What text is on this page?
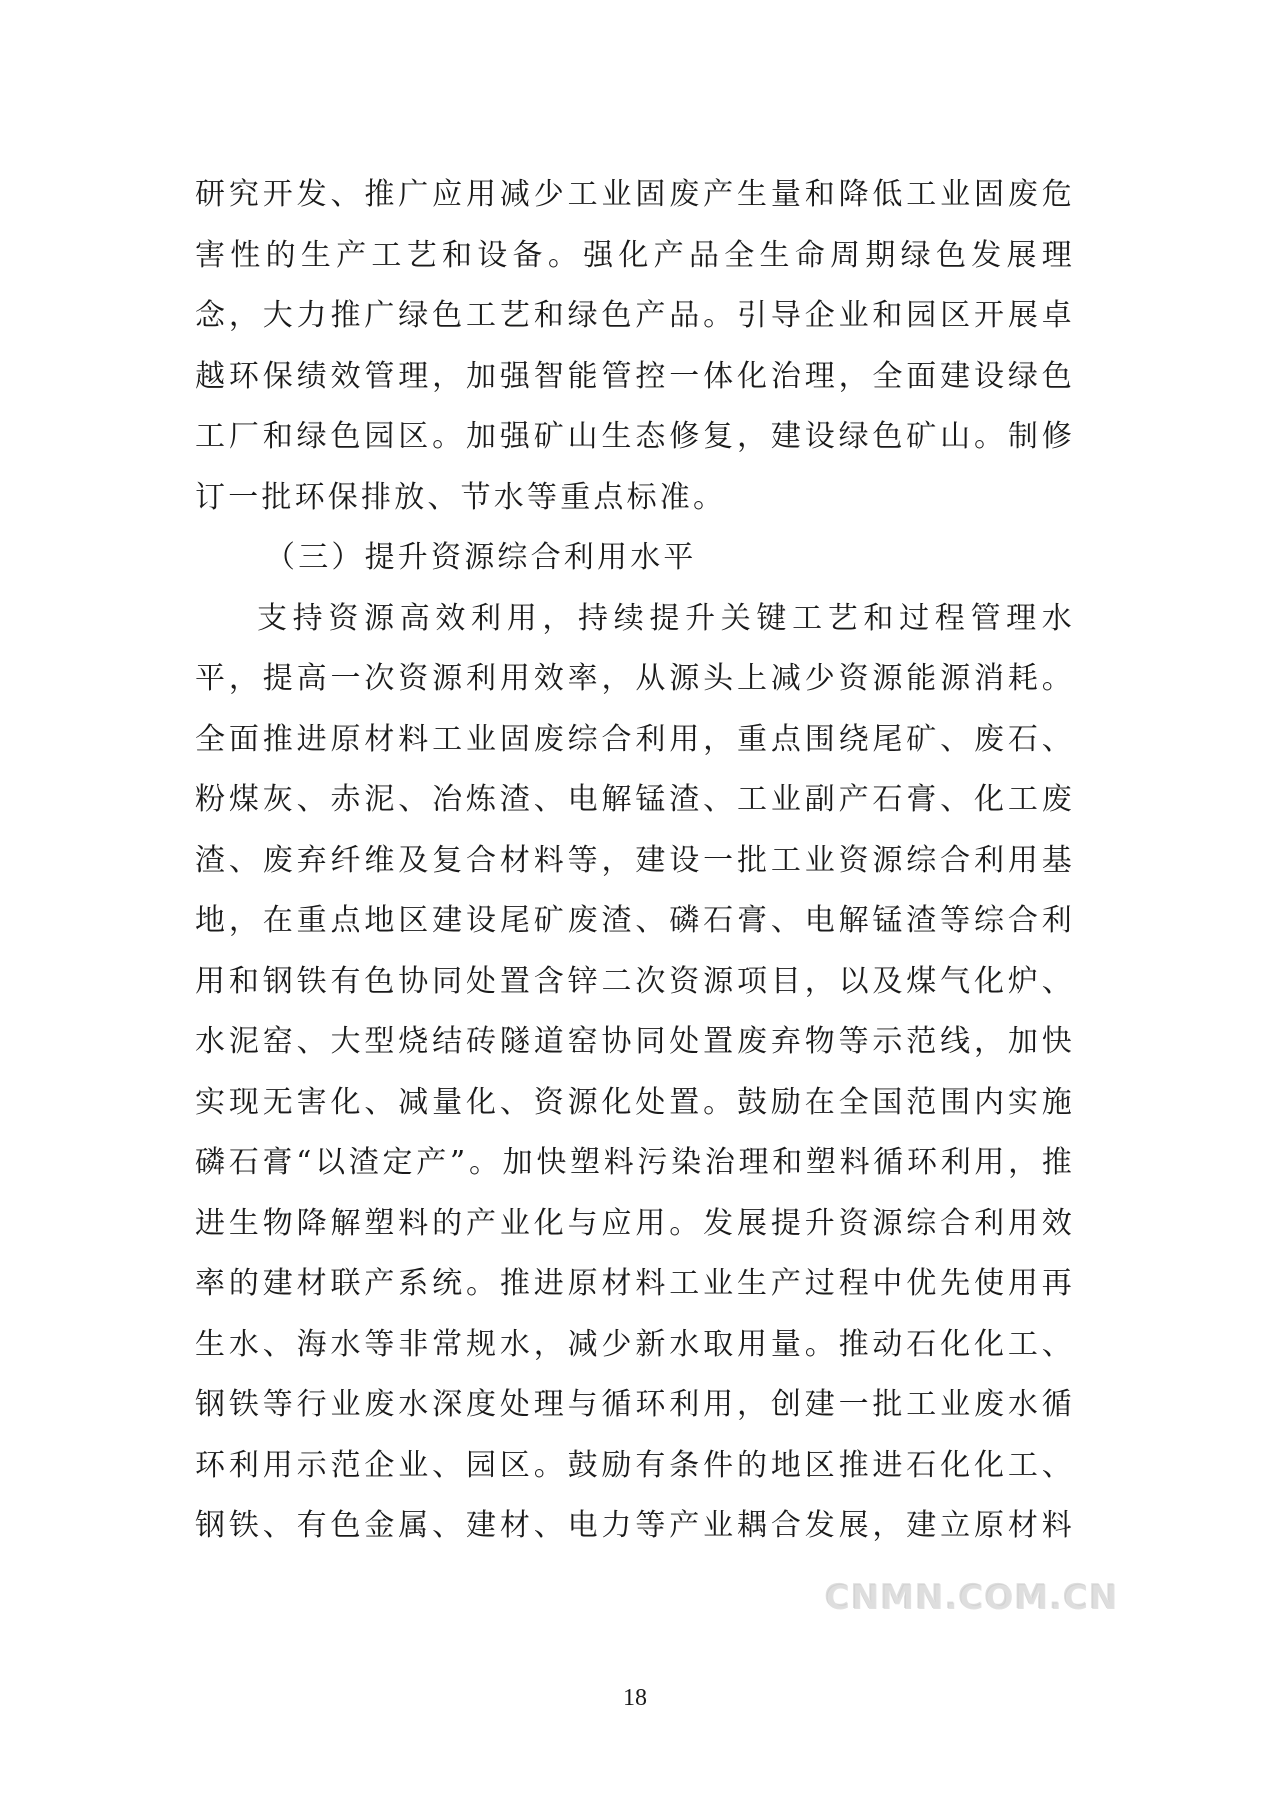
研究开发、推广应用减少工业固废产生量和降低工业固废危
害性的生产工艺和设备。强化产品全生命周期绿色发展理
念，大力推广绿色工艺和绿色产品。引导企业和园区开展卓
越环保绩效管理，加强智能管控一体化治理，全面建设绿色
工厂和绿色园区。加强矿山生态修复，建设绿色矿山。制修
订一批环保排放、节水等重点标准。
（三）提升资源综合利用水平
支持资源高效利用，持续提升关键工艺和过程管理水
平，提高一次资源利用效率，从源头上减少资源能源消耗。
全面推进原材料工业固废综合利用，重点围绕尾矿、废石、
粉煤灰、赤泥、冶炼渣、电解锰渣、工业副产石膏、化工废
渣、废弃纤维及复合材料等，建设一批工业资源综合利用基
地，在重点地区建设尾矿废渣、磷石膏、电解锰渣等综合利
用和钢铁有色协同处置含锌二次资源项目，以及煤气化炉、
水泥窑、大型烧结砖隧道窑协同处置废弃物等示范线，加快
实现无害化、减量化、资源化处置。鼓励在全国范围内实施
磷石膏“以渣定产”。加快塑料污染治理和塑料循环利用，推
进生物降解塑料的产业化与应用。发展提升资源综合利用效
率的建材联产系统。推进原材料工业生产过程中优先使用再
生水、海水等非常规水，减少新水取用量。推动石化化工、
钢铁等行业废水深度处理与循环利用，创建一批工业废水循
环利用示范企业、园区。鼓励有条件的地区推进石化化工、
钢铁、有色金属、建材、电力等产业耦合发展，建立原材料
CNMN.COM.CN
18
